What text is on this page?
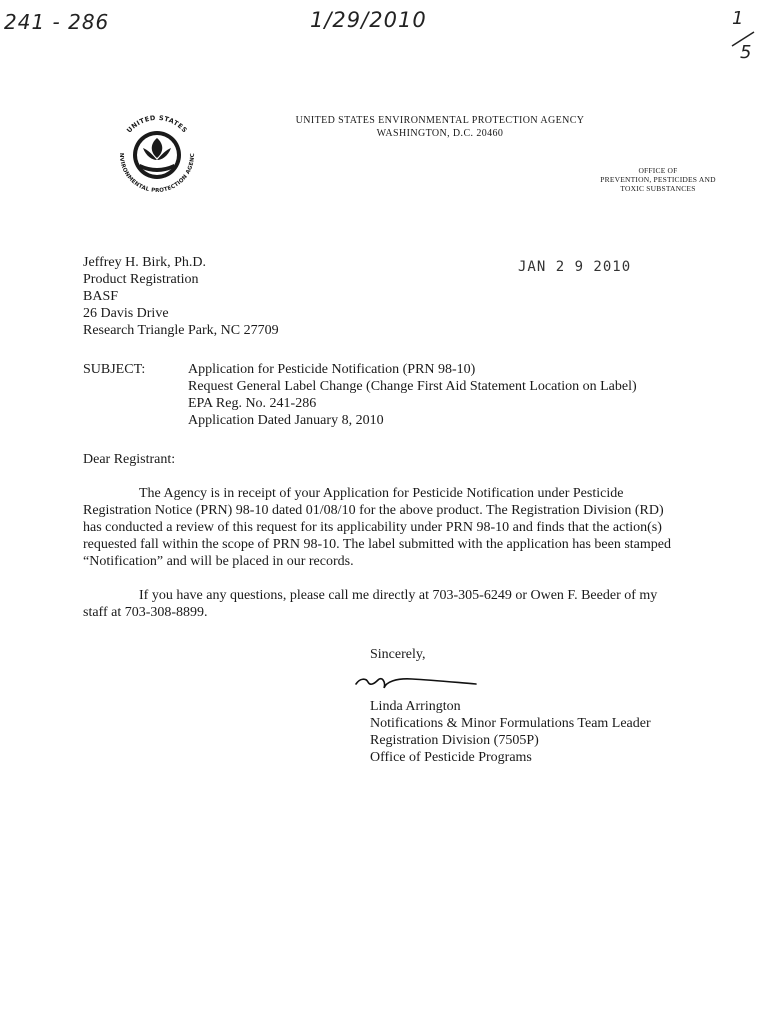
241 - 286	1/29/2010	1
5
UNITED STATES
NVIRONMENTAL PROTECTION AGENC
UNITED STATES ENVIRONMENTAL PROTECTION AGENCY
WASHINGTON, D.C. 20460
OFFICE OF
PREVENTION, PESTICIDES AND
TOXIC SUBSTANCES
JAN 2 9 2010
Jeffrey H. Birk, Ph.D.
Product Registration
BASF
26 Davis Drive
Research Triangle Park, NC 27709
SUBJECT:	Application for Pesticide Notification (PRN 98-10)
Request General Label Change (Change First Aid Statement Location on Label)
EPA Reg. No. 241-286
Application Dated January 8, 2010
Dear Registrant:

The Agency is in receipt of your Application for Pesticide Notification under Pesticide Registration Notice (PRN) 98-10 dated 01/08/10 for the above product. The Registration Division (RD) has conducted a review of this request for its applicability under PRN 98-10 and finds that the action(s) requested fall within the scope of PRN 98-10. The label submitted with the application has been stamped “Notification” and will be placed in our records.

If you have any questions, please call me directly at 703-305-6249 or Owen F. Beeder of my staff at 703-308-8899.

Sincerely,
Linda Arrington
Notifications & Minor Formulations Team Leader
Registration Division (7505P)
Office of Pesticide Programs
